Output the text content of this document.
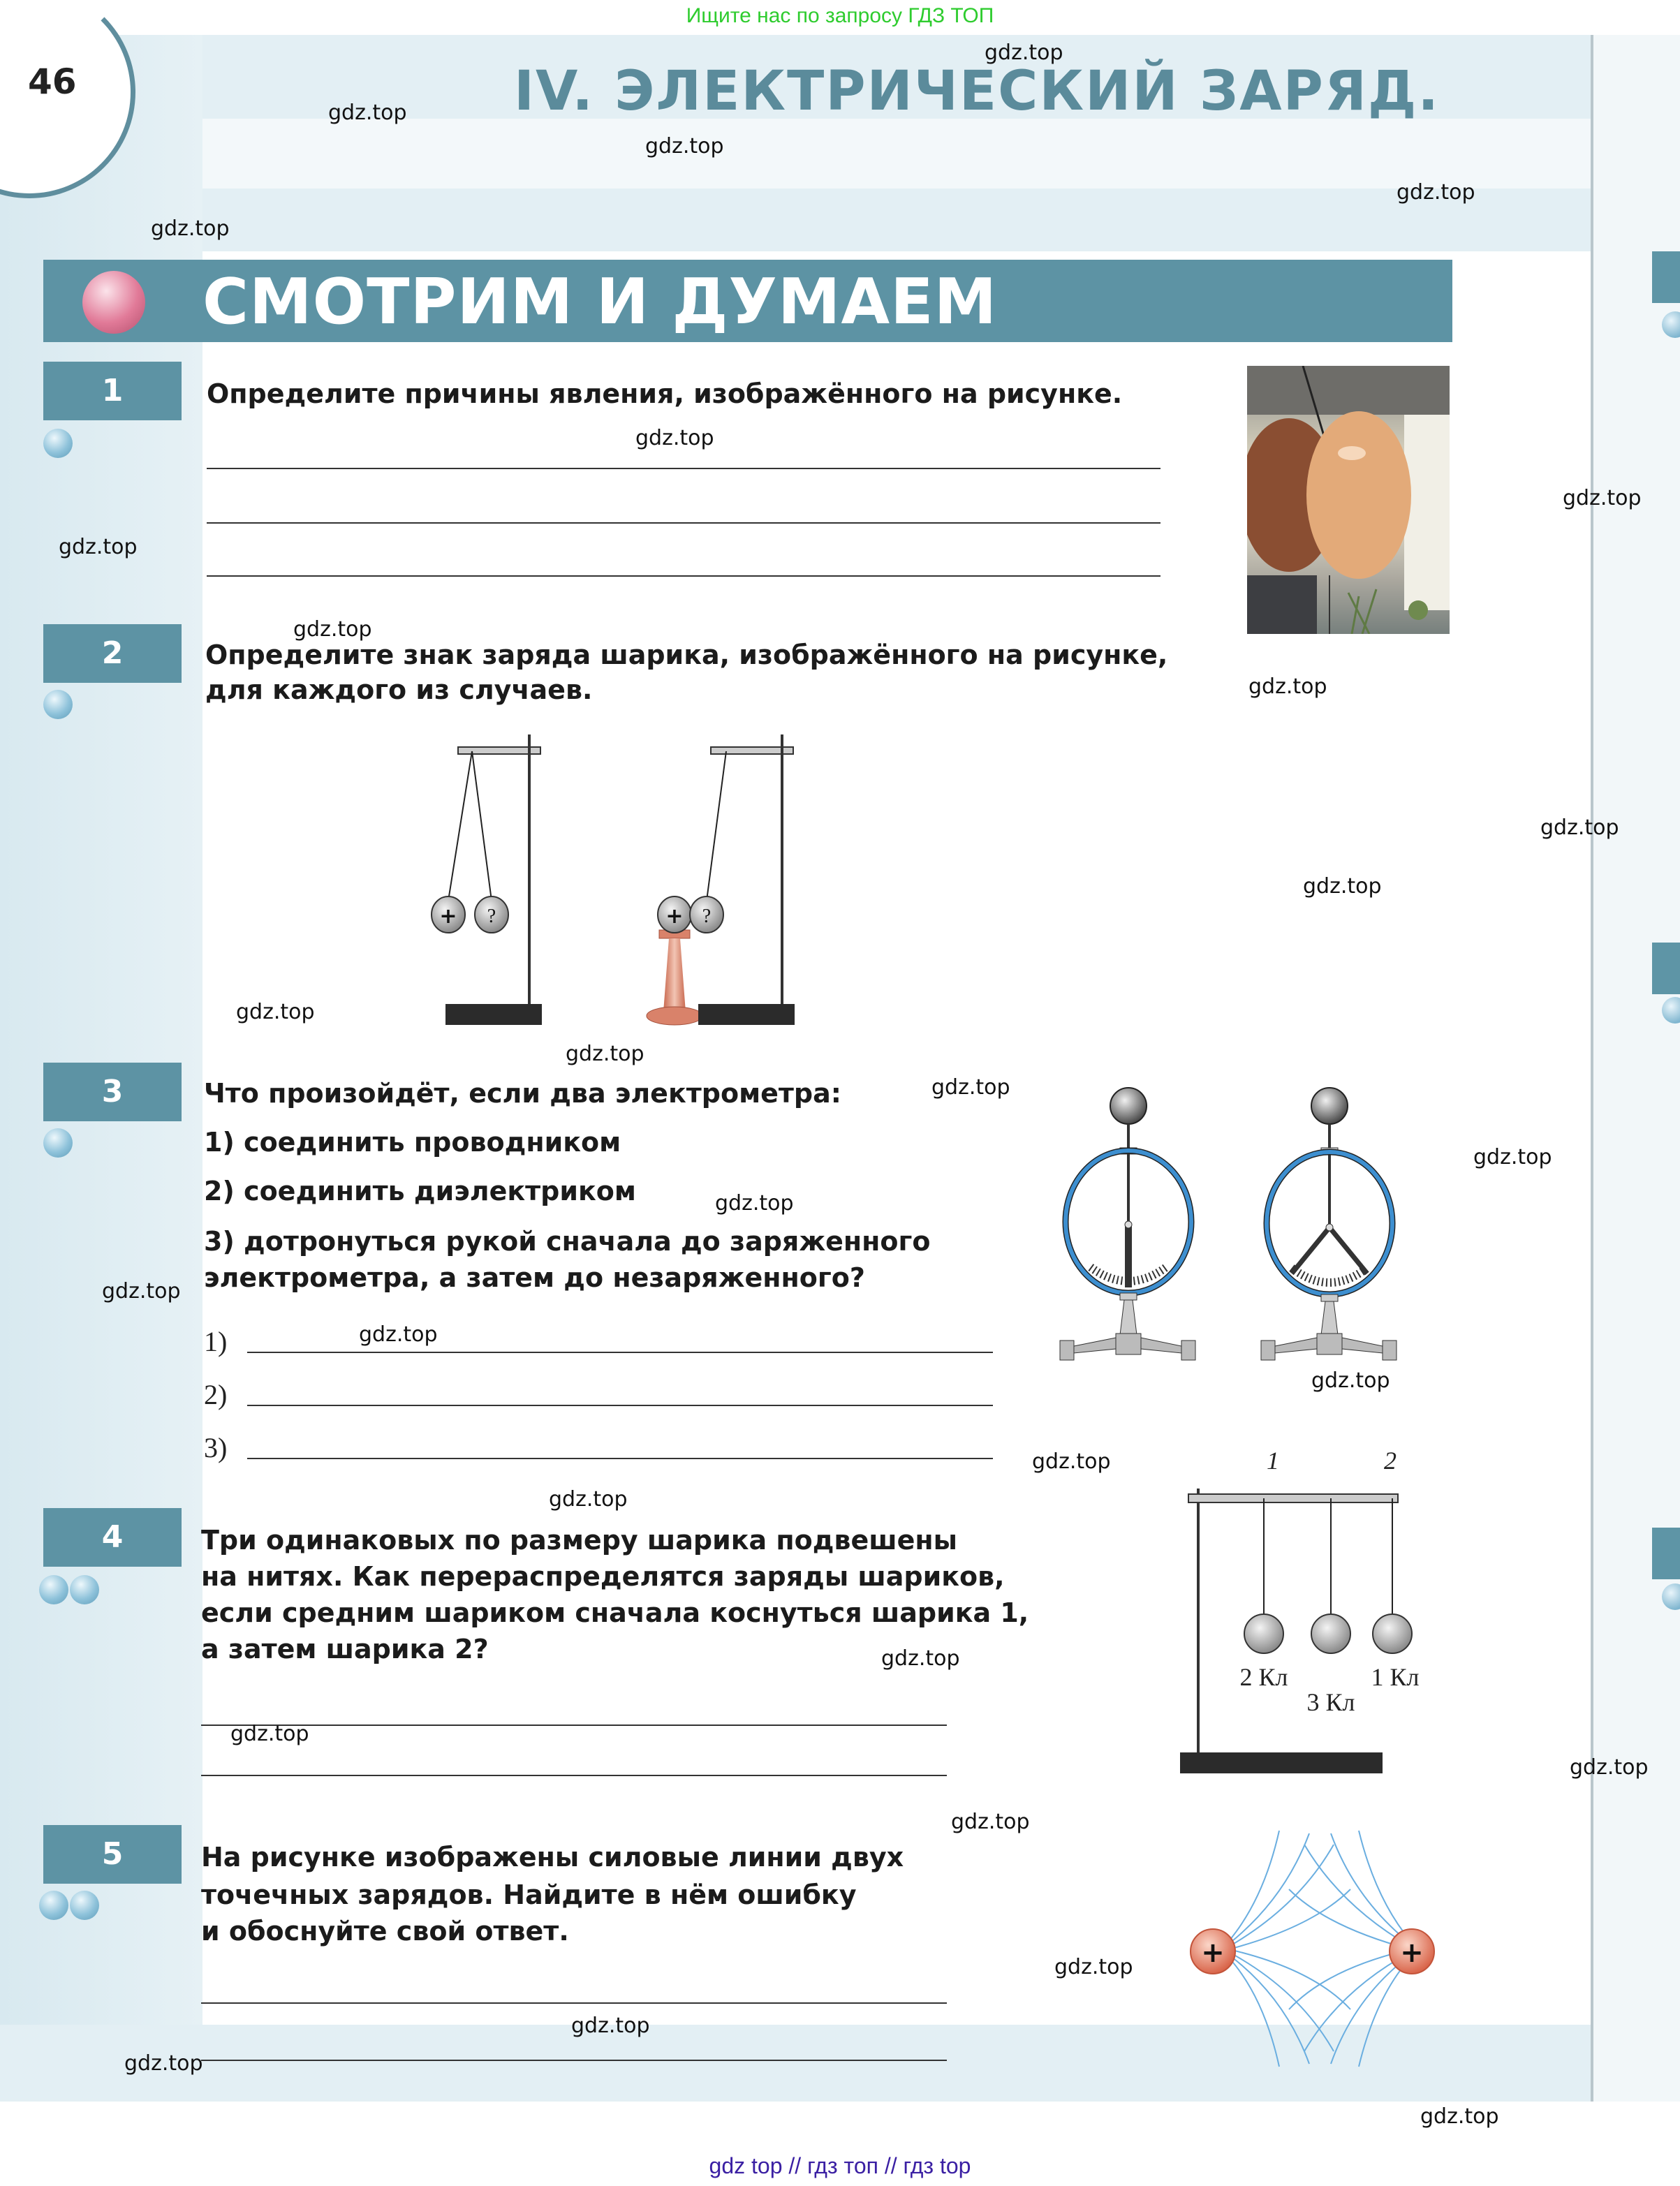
Ищите нас по запросу ГДЗ ТОП
46	IV. ЭЛЕКТРИЧЕСКИЙ ЗАРЯД.
СМОТРИМ И ДУМАЕМ
1	Определите причины явления, изображённого на рисунке.
2	Определите знак заряда шарика, изображённого на рисунке,
для каждого из случаев.
+ ?	+ ?
3	Что произойдёт, если два электрометра:
1) соединить проводником
2) соединить диэлектриком
3) дотронуться рукой сначала до заряженного
электрометра, а затем до незаряженного?
1)
2)
3)
4	Три одинаковых по размеру шарика подвешены
на нитях. Как перераспределятся заряды шариков,
если средним шариком сначала коснуться шарика 1,
а затем шарика 2?
1	2
2 Кл
3 Кл
1 Кл
5	На рисунке изображены силовые линии двух
точечных зарядов. Найдите в нём ошибку
и обоснуйте свой ответ.
+	+
gdz.top
gdz.top
gdz.top
gdz.top
gdz.top
gdz.top
gdz.top
gdz.top
gdz.top
gdz.top
gdz.top
gdz.top
gdz.top
gdz.top
gdz.top
gdz.top
gdz.top
gdz.top
gdz.top
gdz.top
gdz.top
gdz.top
gdz.top
gdz.top
gdz.top
gdz.top
gdz.top
gdz.top
gdz.top
gdz.top
gdz top // гдз топ // гдз top
